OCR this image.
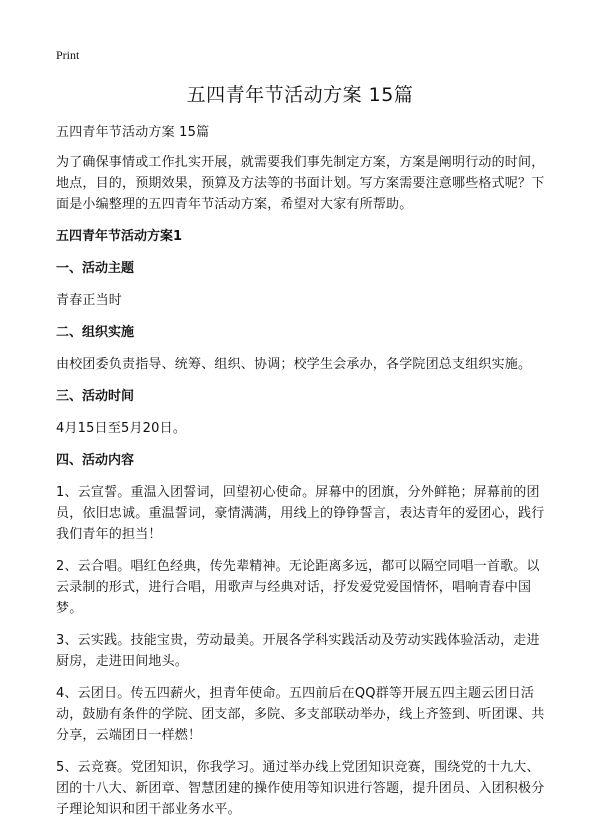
Print
五四青年节活动方案 15篇

五四青年节活动方案 15篇

为了确保事情或工作扎实开展，就需要我们事先制定方案，方案是阐明行动的时间，地点，目的，预期效果，预算及方法等的书面计划。写方案需要注意哪些格式呢？下面是小编整理的五四青年节活动方案，希望对大家有所帮助。

五四青年节活动方案1

一、活动主题

青春正当时

二、组织实施

由校团委负责指导、统筹、组织、协调；校学生会承办，各学院团总支组织实施。

三、活动时间

4月15日至5月20日。

四、活动内容

1、云宣誓。重温入团誓词，回望初心使命。屏幕中的团旗，分外鲜艳；屏幕前的团员，依旧忠诚。重温誓词，豪情满满，用线上的铮铮誓言，表达青年的爱团心，践行我们青年的担当！

2、云合唱。唱红色经典，传先辈精神。无论距离多远，都可以隔空同唱一首歌。以云录制的形式，进行合唱，用歌声与经典对话，抒发爱党爱国情怀，唱响青春中国梦。

3、云实践。技能宝贵，劳动最美。开展各学科实践活动及劳动实践体验活动，走进厨房，走进田间地头。

4、云团日。传五四薪火，担青年使命。五四前后在QQ群等开展五四主题云团日活动，鼓励有条件的学院、团支部，多院、多支部联动举办，线上齐签到、听团课、共分享，云端团日一样燃！

5、云竞赛。党团知识，你我学习。通过举办线上党团知识竞赛，围绕党的十九大、团的十八大、新团章、智慧团建的操作使用等知识进行答题，提升团员、入团积极分子理论知识和团干部业务水平。
